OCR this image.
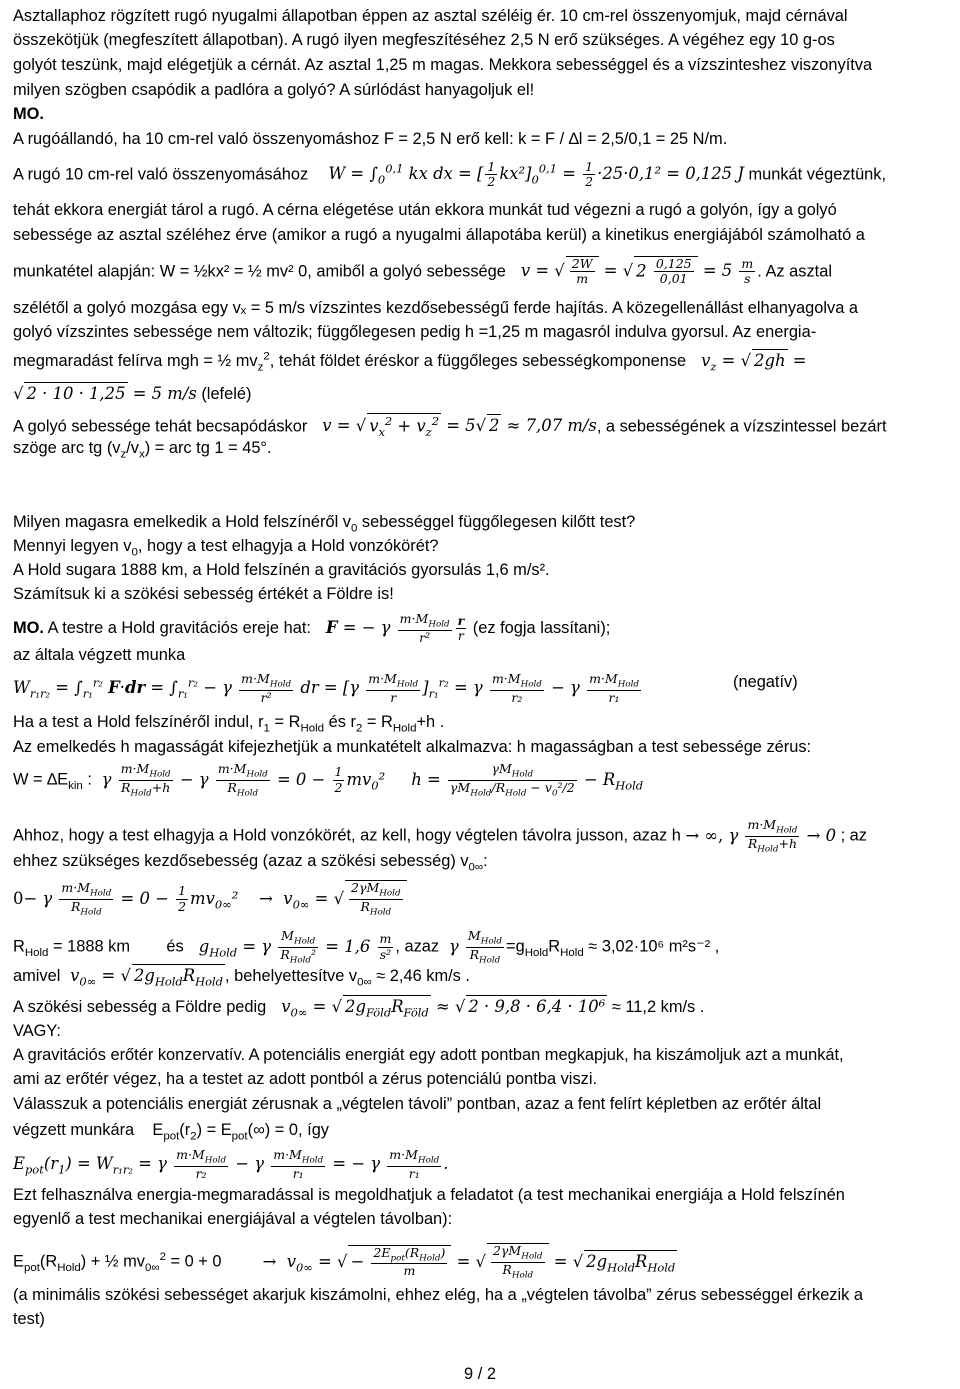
Asztallaphoz rögzített rugó nyugalmi állapotban éppen az asztal széléig ér. 10 cm-rel összenyomjuk, majd cérnával
összekötjük (megfeszített állapotban). A rugó ilyen megfeszítéséhez 2,5 N erő szükséges. A végéhez egy 10 g-os
golyót teszünk, majd elégetjük a cérnát. Az asztal 1,25 m magas. Mekkora sebességgel és a vízszinteshez viszonyítva
milyen szögben csapódik a padlóra a golyó? A súrlódást hanyagoljuk el!
MO.
A rugóállandó, ha 10 cm-rel való összenyomáshoz F = 2,5 N erő kell: k = F / ∆l = 2,5/0,1 = 25 N/m.
A rugó 10 cm-rel való összenyomásához    $W = \int_0^{0,1}$ kx dx = [ $\frac{1}{2} kx^2]_0^{0,1} = \frac{1}{2} \cdot 25\cdot 0,1^2 = 0,125$ J munkát végeztünk,
tehát ekkora energiát tárol a rugó. A cérna elégetése után ekkora munkát tud végezni a rugó a golyón, így a golyó
sebessége az asztal széléhez érve (amikor a rugó a nyugalmi állapotába kerül) a kinetikus energiájából számolható a
munkatétel alapján: W = ½kx² = ½ mv² 0, amiből a golyó sebessége   v = √ $\frac{2W}{m}$ = √ $2 \frac{0,125}{0,01} = 5 \frac{m}{s}$ . Az asztal
szélétől a golyó mozgása egy vₓ = 5 m/s vízszintes kezdősebességű ferde hajítás. A közegellenállást elhanyagolva a
golyó vízszintes sebessége nem változik; függőlegesen pedig h =1,25 m magasról indulva gyorsul. Az energia-
megmaradást felírva mgh = ½ $mv_z^2$, tehát földet éréskor a függőleges sebességkomponense   $v_z$ = √ 2gh =
√ 2 · 10 · 1,25 = 5 m/s (lefelé)
A golyó sebessége tehát becsapódáskor   v = √ $v_x^2 + v_z^2 = 5√$ 2 ≈ 7,07 m/s, a sebességének a vízszintessel bezárt
szöge arc tg $(v_z/v_x)$ = arc tg 1 = 45°.
Milyen magasra emelkedik a Hold felszínéről $v_0$ sebességgel függőlegesen kilőtt test?
Mennyi legyen $v_0$, hogy a test elhagyja a Hold vonzókörét?
A Hold sugara 1888 km, a Hold felszínén a gravitációs gyorsulás 1,6 m/s².
Számítsuk ki a szökési sebesség értékét a Földre is!
MO. A testre a Hold gravitációs ereje hat: F = − γ $\frac{m\cdot M_{Hold}}{\text{r²}} \frac{r}{r} (ez$ fogja lassítani);
az általa végzett munka
$W_{r_1r_2} = \int_{r_1}^{r_2}$ $F\cdot dr = \int_{r_1}^{r_2} - \gamma \frac{m\cdot M_{Hold}}{\text{r²}}$ dr = $[\gamma \frac{m\cdot M_{Hold}}{r} ]_{r_1}^{r_2} = \gamma \frac{m\cdot M_{Hold}}{\text{r₂}} - \gamma \frac{m\cdot M_{Hold}}{\text{r₁}}$	(negatív)
Ha a test a Hold felszínéről indul, $r_1 = R_{Hold}$ és $r_2 = R_{Hold}+h$ .
Az emelkedés h magasságát kifejezhetjük a munkatételt alkalmazva: h magasságban a test sebessége zérus:
$W = \Delta E_{kin}$ :  γ $\frac{m\cdot M_{Hold}}{R_{Hold}+h} - \gamma \frac{m\cdot M_{Hold}}{R_{Hold}} = 0 - \frac{1}{2} mv_0^2$     $h = \frac{\gamma M_{Hold}}{\gamma M_{Hold}/R_{Hold} - v_0^2/2} - R_{Hold}$
Ahhoz, hogy a test elhagyja a Hold vonzókörét, az kell, hogy végtelen távolra jusson, azaz h → ∞, γ $\frac{m\cdot M_{Hold}}{R_{Hold}+h} \to 0$ ; az
ehhez szükséges kezdősebesség (azaz a szökési sebesség) $v_{0\infty}$:
0− γ $\frac{m\cdot M_{Hold}}{R_{Hold}} = 0 - \frac{1}{2} mv_{0\infty}^2$    →  $v_{0\infty}$ = √ $\frac{2\gamma M_{Hold}}{R_{Hold}}$
$R_{Hold} = 1888$ km és   $g_{Hold} = \gamma \frac{M_{Hold}}{R_{Hold}^2} = 1,6 \frac{m}{\text{s²}}$ , azaz  γ $\frac{M_{Hold}}{R_{Hold}} =g_{Hold}R_{Hold} \approx 3,02\cdot 10^6$ m²s⁻² ,
amivel  $v_{0\infty}$ = √ $2g_{Hold}R_{Hold}$ , behelyettesítve $v_{0\infty} \approx 2,46$ km/s .
A szökési sebesség a Földre pedig   $v_{0\infty}$ = √ $2g_{Föld}R_{Föld}$ ≈ √ 2 · 9,8 · 6,4 · 10⁶ ≈ 11,2 km/s .
VAGY:
A gravitációs erőtér konzervatív. A potenciális energiát egy adott pontban megkapjuk, ha kiszámoljuk azt a munkát,
ami az erőtér végez, ha a testet az adott pontból a zérus potenciálú pontba viszi.
Válasszuk a potenciális energiát zérusnak a „végtelen távoli” pontban, azaz a fent felírt képletben az erőtér által
végzett munkára $E_{pot}(r_2) = E_{pot}(\infty) = 0$, így
$E_{pot}(r_1) = W_{r_1r_2} = \gamma \frac{m\cdot M_{Hold}}{\text{r₂}} - \gamma \frac{m\cdot M_{Hold}}{\text{r₁}}$ = − γ $\frac{m\cdot M_{Hold}}{\text{r₁}}$ .
Ezt felhasználva energia-megmaradással is megoldhatjuk a feladatot (a test mechanikai energiája a Hold felszínén
egyenlő a test mechanikai energiájával a végtelen távolban):
$E_{pot}(R_{Hold})$ + ½ $mv_{0\infty}^2 = 0 + 0$	→  $v_{0\infty}$ = √ − $\frac{2E_{pot}(R_{Hold})}{m}$ = √ $\frac{2\gamma M_{Hold}}{R_{Hold}}$ = √ $2g_{Hold}R_{Hold}$
(a minimális szökési sebességet akarjuk kiszámolni, ehhez elég, ha a „végtelen távolba” zérus sebességgel érkezik a
test)
9 / 2
